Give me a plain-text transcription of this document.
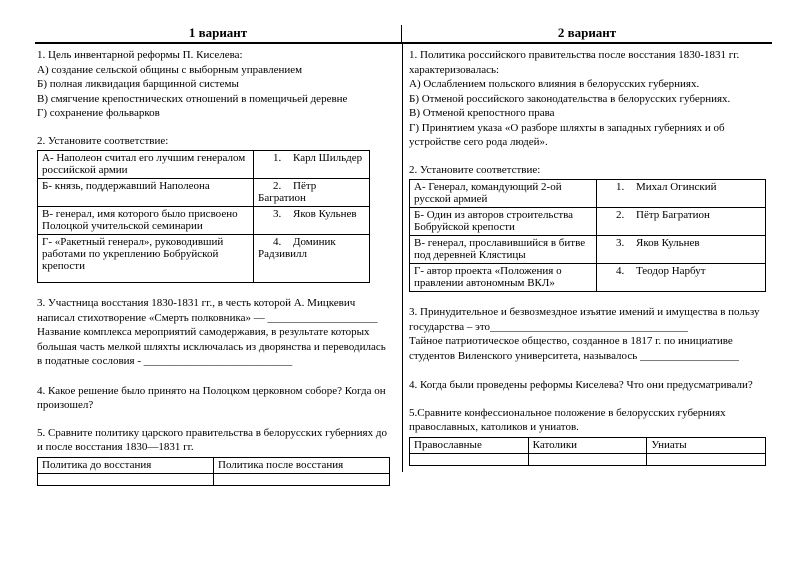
1 вариант	2 вариант

1. Цель инвентарной реформы П. Киселева:

А) создание сельской общины с выборным управлением

Б) полная ликвидация барщинной системы

В) смягчение крепостнических отношений в помещичьей деревне

Г) сохранение фольварков

2. Установите соответствие:

А- Наполеон считал его лучшим генералом российской армии	1. Карл Шильдер
Б- князь, поддержавший Наполеона	2. Пётр Багратион
В- генерал, имя которого было присвоено Полоцкой учительской семинарии	3. Яков Кульнев
Г- «Ракетный генерал», руководивший работами по укреплению Бобруйской крепости	4. Доминик Радзивилл

3. Участница восстания 1830-1831 гг., в честь которой А. Мицкевич написал стихотворение «Смерть полковника» — ____________________

Название комплекса мероприятий самодержавия, в результате которых большая часть мелкой шляхты исключалась из дворянства и переводилась в податные сословия - ___________________________

4. Какое решение было принято на Полоцком церковном соборе? Когда он произошел?

5. Сравните политику царского правительства в белорусских губерниях до и после восстания 1830—1831 гг.

Политика до восстания	Политика после восстания

1. Политика российского правительства после восстания 1830-1831 гг. характеризовалась:

А) Ослаблением польского влияния в белорусских губерниях.

Б) Отменой российского законодательства в белорусских губерниях.

В) Отменой крепостного права

Г) Принятием указа «О разборе шляхты в западных губерниях и об устройстве сего рода людей».

2. Установите соответствие:

А- Генерал, командующий 2-ой русской армией	1. Михал Огинский
Б- Один из авторов строительства Бобруйской крепости	2. Пётр Багратион
В- генерал, прославившийся в битве под деревней Клястицы	3. Яков Кульнев
Г- автор проекта «Положения о правлении автономным ВКЛ»	4. Теодор Нарбут

3. Принудительное и безвозмездное изъятие имений и имущества в пользу государства – это____________________________________

Тайное патриотическое общество, созданное в 1817 г. по инициативе студентов Виленского университета, называлось __________________

4. Когда были проведены реформы Киселева? Что они предусматривали?

5.Сравните конфессиональное положение в белорусских губерниях православных, католиков и униатов.

Православные	Католики	Униаты
